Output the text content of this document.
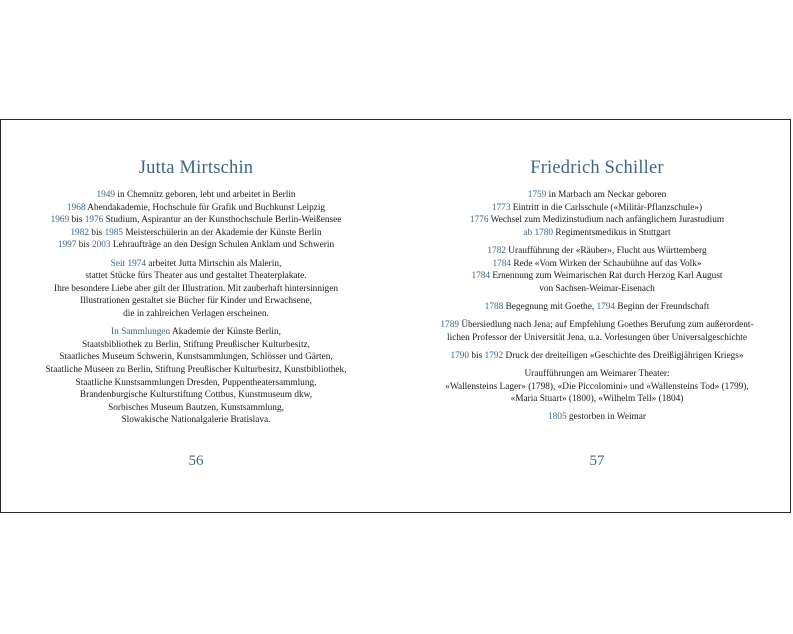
Jutta Mirtschin
1949 in Chemnitz geboren, lebt und arbeitet in Berlin
1968 Abendakademie, Hochschule für Grafik und Buchkunst Leipzig
1969 bis 1976 Studium, Aspirantur an der Kunsthochschule Berlin-Weißensee
1982 bis 1985 Meisterschülerin an der Akademie der Künste Berlin
1997 bis 2003 Lehraufträge an den Design Schulen Anklam und Schwerin
Seit 1974 arbeitet Jutta Mirtschin als Malerin,
stattet Stücke fürs Theater aus und gestaltet Theaterplakate.
Ihre besondere Liebe aber gilt der Illustration. Mit zauberhaft hintersinnigen
Illustrationen gestaltet sie Bücher für Kinder und Erwachsene,
die in zahlreichen Verlagen erscheinen.
In Sammlungen Akademie der Künste Berlin,
Staatsbibliothek zu Berlin, Stiftung Preußischer Kulturbesitz,
Staatliches Museum Schwerin, Kunstsammlungen, Schlösser und Gärten,
Staatliche Museen zu Berlin, Stiftung Preußischer Kulturbesitz, Kunstbibliothek,
Staatliche Kunstsammlungen Dresden, Puppentheatersammlung,
Brandenburgische Kulturstiftung Cottbus, Kunstmuseum dkw,
Sorbisches Museum Bautzen, Kunstsammlung,
Slowakische Nationalgalerie Bratislava.
56
Friedrich Schiller
1759 in Marbach am Neckar geboren
1773 Eintritt in die Carlsschule («Militär-Pflanzschule»)
1776 Wechsel zum Medizinstudium nach anfänglichem Jurastudium
ab 1780 Regimentsmedikus in Stuttgart
1782 Uraufführung der «Räuber», Flucht aus Württemberg
1784 Rede «Vom Wirken der Schaubühne auf das Volk»
1784 Ernennung zum Weimarischen Rat durch Herzog Karl August
von Sachsen-Weimar-Eisenach
1788 Begegnung mit Goethe, 1794 Beginn der Freundschaft
1789 Übersiedlung nach Jena; auf Empfehlung Goethes Berufung zum außerordent-
lichen Professor der Universität Jena, u.a. Vorlesungen über Universalgeschichte
1790 bis 1792 Druck der dreiteiligen «Geschichte des Dreißigjährigen Kriegs»
Uraufführungen am Weimarer Theater:
«Wallensteins Lager» (1798), «Die Piccolomini» und «Wallensteins Tod» (1799),
«Maria Stuart» (1800), «Wilhelm Tell» (1804)
1805 gestorben in Weimar
57
